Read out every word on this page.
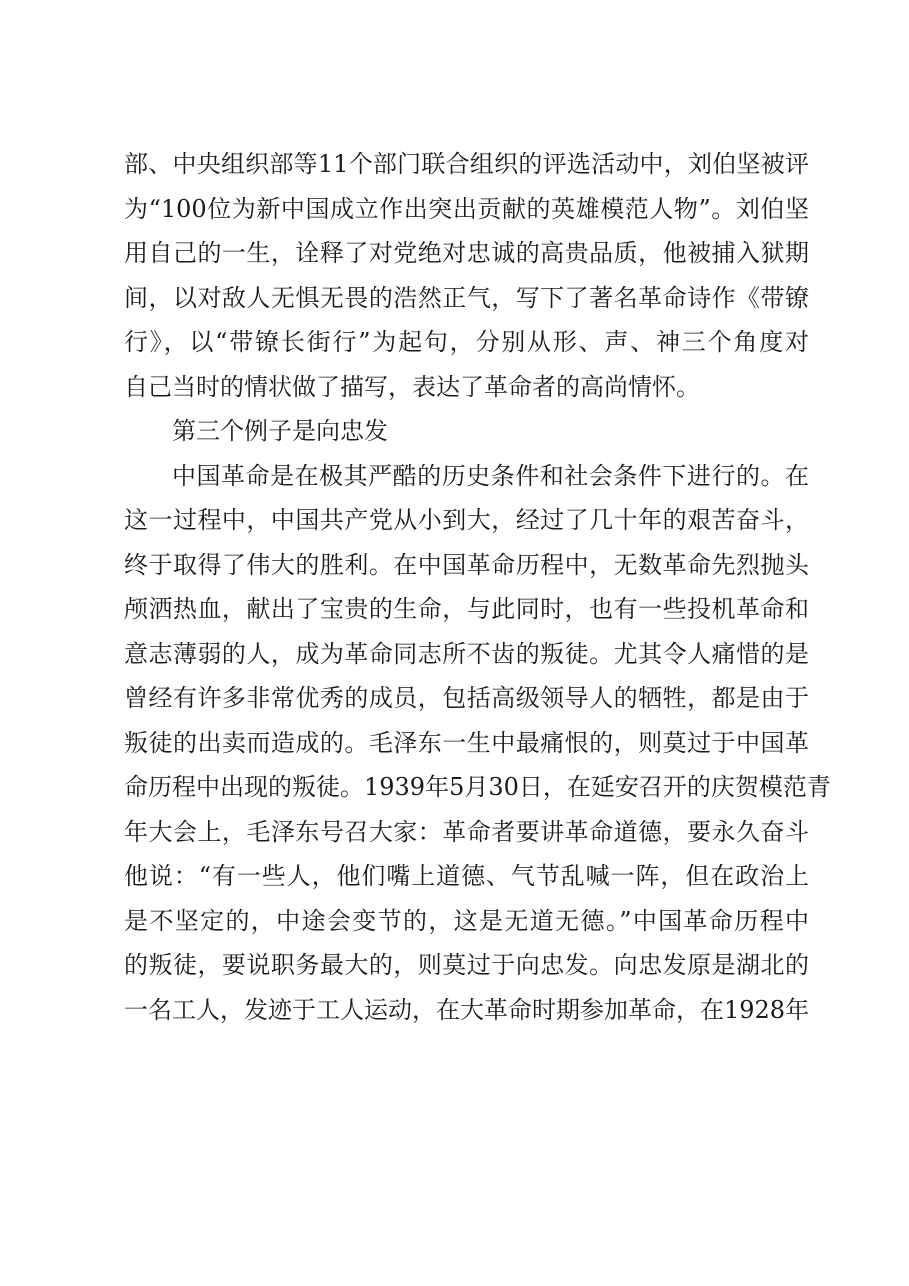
部、中央组织部等11个部门联合组织的评选活动中，刘伯坚被评
为“100位为新中国成立作出突出贡献的英雄模范人物”。刘伯坚
用自己的一生，诠释了对党绝对忠诚的高贵品质，他被捕入狱期
间，以对敌人无惧无畏的浩然正气，写下了著名革命诗作《带镣
行》，以“带镣长街行”为起句，分别从形、声、神三个角度对
自己当时的情状做了描写，表达了革命者的高尚情怀。
第三个例子是向忠发
中国革命是在极其严酷的历史条件和社会条件下进行的。在
这一过程中，中国共产党从小到大，经过了几十年的艰苦奋斗，
终于取得了伟大的胜利。在中国革命历程中，无数革命先烈抛头
颅洒热血，献出了宝贵的生命，与此同时，也有一些投机革命和
意志薄弱的人，成为革命同志所不齿的叛徒。尤其令人痛惜的是
曾经有许多非常优秀的成员，包括高级领导人的牺牲，都是由于
叛徒的出卖而造成的。毛泽东一生中最痛恨的，则莫过于中国革
命历程中出现的叛徒。1939年5月30日，在延安召开的庆贺模范青
年大会上，毛泽东号召大家：革命者要讲革命道德，要永久奋斗
他说：“有一些人，他们嘴上道德、气节乱喊一阵，但在政治上
是不坚定的，中途会变节的，这是无道无德。”中国革命历程中
的叛徒，要说职务最大的，则莫过于向忠发。向忠发原是湖北的
一名工人，发迹于工人运动，在大革命时期参加革命，在1928年
